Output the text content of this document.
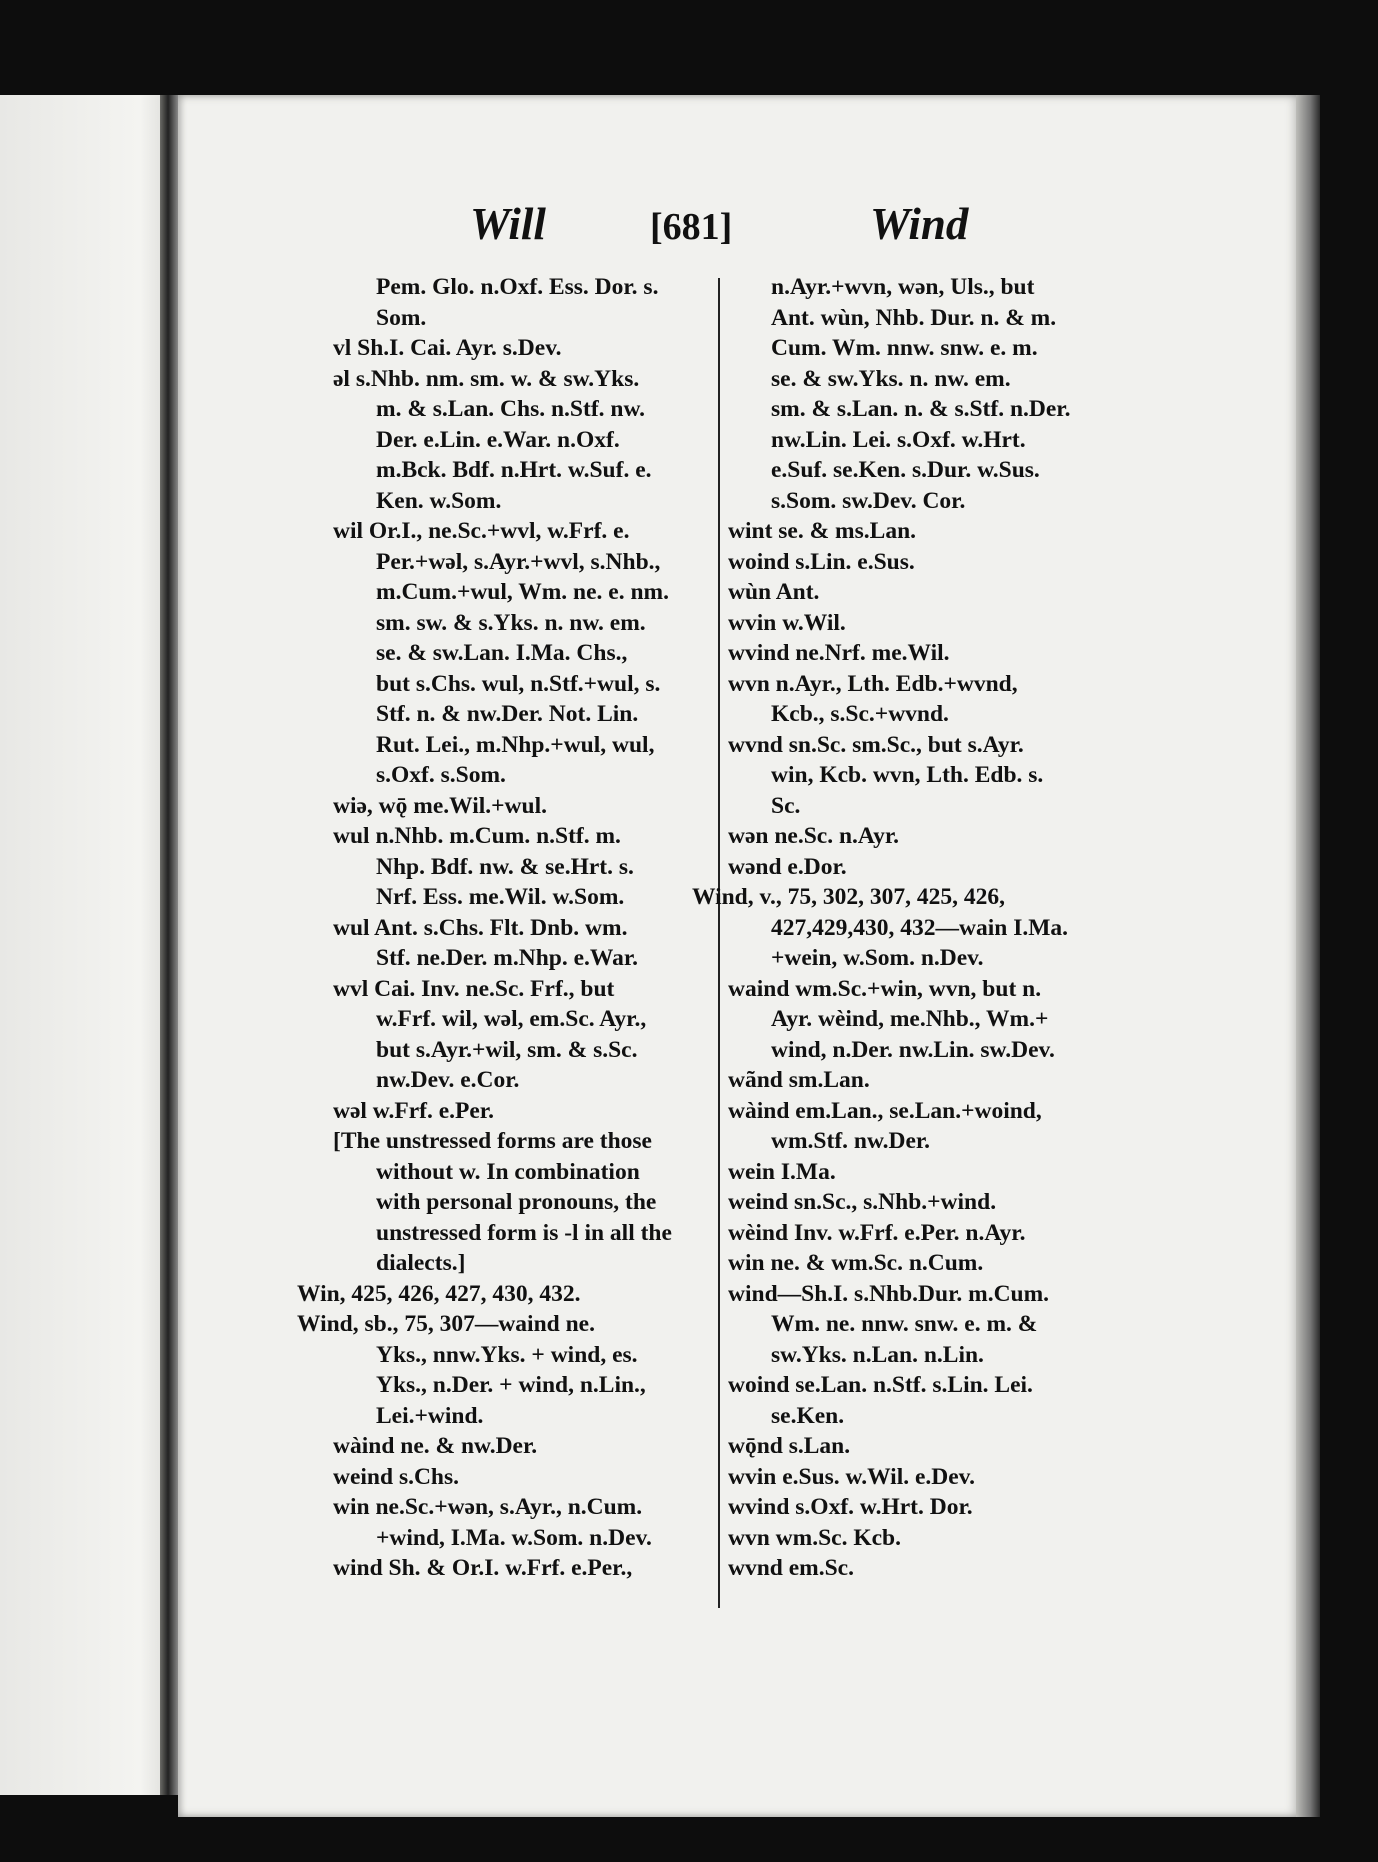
Will	[681]	Wind
Pem. Glo. n.Oxf. Ess. Dor. s.
Som.
vl Sh.I. Cai. Ayr. s.Dev.
əl s.Nhb. nm. sm. w. & sw.Yks.
m. & s.Lan. Chs. n.Stf. nw.
Der. e.Lin. e.War. n.Oxf.
m.Bck. Bdf. n.Hrt. w.Suf. e.
Ken. w.Som.
wil Or.I., ne.Sc.+wvl, w.Frf. e.
Per.+wəl, s.Ayr.+wvl, s.Nhb.,
m.Cum.+wul, Wm. ne. e. nm.
sm. sw. & s.Yks. n. nw. em.
se. & sw.Lan. I.Ma. Chs.,
but s.Chs. wul, n.Stf.+wul, s.
Stf. n. & nw.Der. Not. Lin.
Rut. Lei., m.Nhp.+wul, wul,
s.Oxf. s.Som.
wiə, wǭ me.Wil.+wul.
wul n.Nhb. m.Cum. n.Stf. m.
Nhp. Bdf. nw. & se.Hrt. s.
Nrf. Ess. me.Wil. w.Som.
wul Ant. s.Chs. Flt. Dnb. wm.
Stf. ne.Der. m.Nhp. e.War.
wvl Cai. Inv. ne.Sc. Frf., but
w.Frf. wil, wəl, em.Sc. Ayr.,
but s.Ayr.+wil, sm. & s.Sc.
nw.Dev. e.Cor.
wəl w.Frf. e.Per.
[The unstressed forms are those
without w. In combination
with personal pronouns, the
unstressed form is -l in all the
dialects.]
Win, 425, 426, 427, 430, 432.
Wind, sb., 75, 307—waind ne.
Yks., nnw.Yks. + wind, es.
Yks., n.Der. + wind, n.Lin.,
Lei.+wind.
wàind ne. & nw.Der.
weind s.Chs.
win ne.Sc.+wən, s.Ayr., n.Cum.
+wind, I.Ma. w.Som. n.Dev.
wind Sh. & Or.I. w.Frf. e.Per.,
n.Ayr.+wvn, wən, Uls., but
Ant. wùn, Nhb. Dur. n. & m.
Cum. Wm. nnw. snw. e. m.
se. & sw.Yks. n. nw. em.
sm. & s.Lan. n. & s.Stf. n.Der.
nw.Lin. Lei. s.Oxf. w.Hrt.
e.Suf. se.Ken. s.Dur. w.Sus.
s.Som. sw.Dev. Cor.
wint se. & ms.Lan.
woind s.Lin. e.Sus.
wùn Ant.
wvin w.Wil.
wvind ne.Nrf. me.Wil.
wvn n.Ayr., Lth. Edb.+wvnd,
Kcb., s.Sc.+wvnd.
wvnd sn.Sc. sm.Sc., but s.Ayr.
win, Kcb. wvn, Lth. Edb. s.
Sc.
wən ne.Sc. n.Ayr.
wənd e.Dor.
Wind, v., 75, 302, 307, 425, 426,
427,429,430, 432—wain I.Ma.
+wein, w.Som. n.Dev.
waind wm.Sc.+win, wvn, but n.
Ayr. wèind, me.Nhb., Wm.+
wind, n.Der. nw.Lin. sw.Dev.
wãnd sm.Lan.
wàind em.Lan., se.Lan.+woind,
wm.Stf. nw.Der.
wein I.Ma.
weind sn.Sc., s.Nhb.+wind.
wèind Inv. w.Frf. e.Per. n.Ayr.
win ne. & wm.Sc. n.Cum.
wind—Sh.I. s.Nhb.Dur. m.Cum.
Wm. ne. nnw. snw. e. m. &
sw.Yks. n.Lan. n.Lin.
woind se.Lan. n.Stf. s.Lin. Lei.
se.Ken.
wǭnd s.Lan.
wvin e.Sus. w.Wil. e.Dev.
wvind s.Oxf. w.Hrt. Dor.
wvn wm.Sc. Kcb.
wvnd em.Sc.
